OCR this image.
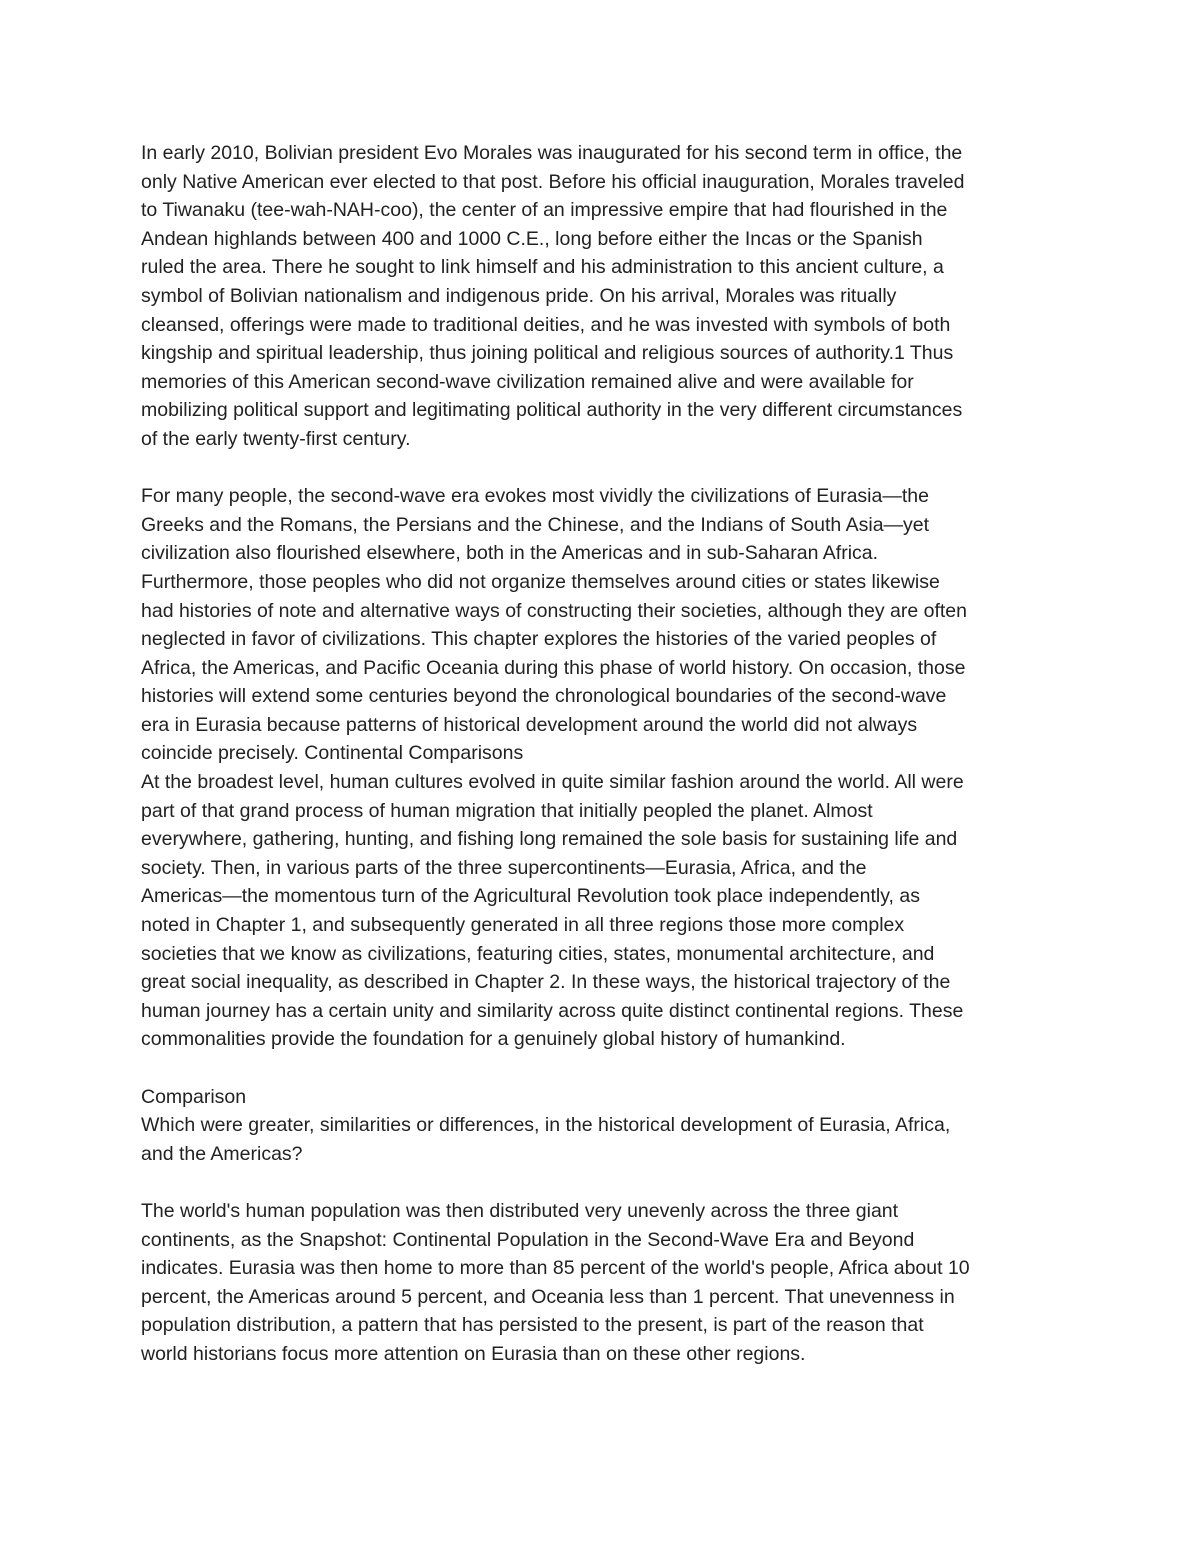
In early 2010, Bolivian president Evo Morales was inaugurated for his second term in office, the
only Native American ever elected to that post. Before his official inauguration, Morales traveled
to Tiwanaku (tee-wah-NAH-coo), the center of an impressive empire that had flourished in the
Andean highlands between 400 and 1000 C.E., long before either the Incas or the Spanish
ruled the area. There he sought to link himself and his administration to this ancient culture, a
symbol of Bolivian nationalism and indigenous pride. On his arrival, Morales was ritually
cleansed, offerings were made to traditional deities, and he was invested with symbols of both
kingship and spiritual leadership, thus joining political and religious sources of authority.1 Thus
memories of this American second-wave civilization remained alive and were available for
mobilizing political support and legitimating political authority in the very different circumstances
of the early twenty-first century.

For many people, the second-wave era evokes most vividly the civilizations of Eurasia—the
Greeks and the Romans, the Persians and the Chinese, and the Indians of South Asia—yet
civilization also flourished elsewhere, both in the Americas and in sub-Saharan Africa.
Furthermore, those peoples who did not organize themselves around cities or states likewise
had histories of note and alternative ways of constructing their societies, although they are often
neglected in favor of civilizations. This chapter explores the histories of the varied peoples of
Africa, the Americas, and Pacific Oceania during this phase of world history. On occasion, those
histories will extend some centuries beyond the chronological boundaries of the second-wave
era in Eurasia because patterns of historical development around the world did not always
coincide precisely. Continental Comparisons
At the broadest level, human cultures evolved in quite similar fashion around the world. All were
part of that grand process of human migration that initially peopled the planet. Almost
everywhere, gathering, hunting, and fishing long remained the sole basis for sustaining life and
society. Then, in various parts of the three supercontinents—Eurasia, Africa, and the
Americas—the momentous turn of the Agricultural Revolution took place independently, as
noted in Chapter 1, and subsequently generated in all three regions those more complex
societies that we know as civilizations, featuring cities, states, monumental architecture, and
great social inequality, as described in Chapter 2. In these ways, the historical trajectory of the
human journey has a certain unity and similarity across quite distinct continental regions. These
commonalities provide the foundation for a genuinely global history of humankind.

Comparison
Which were greater, similarities or differences, in the historical development of Eurasia, Africa,
and the Americas?

The world's human population was then distributed very unevenly across the three giant
continents, as the Snapshot: Continental Population in the Second-Wave Era and Beyond
indicates. Eurasia was then home to more than 85 percent of the world's people, Africa about 10
percent, the Americas around 5 percent, and Oceania less than 1 percent. That unevenness in
population distribution, a pattern that has persisted to the present, is part of the reason that
world historians focus more attention on Eurasia than on these other regions.
